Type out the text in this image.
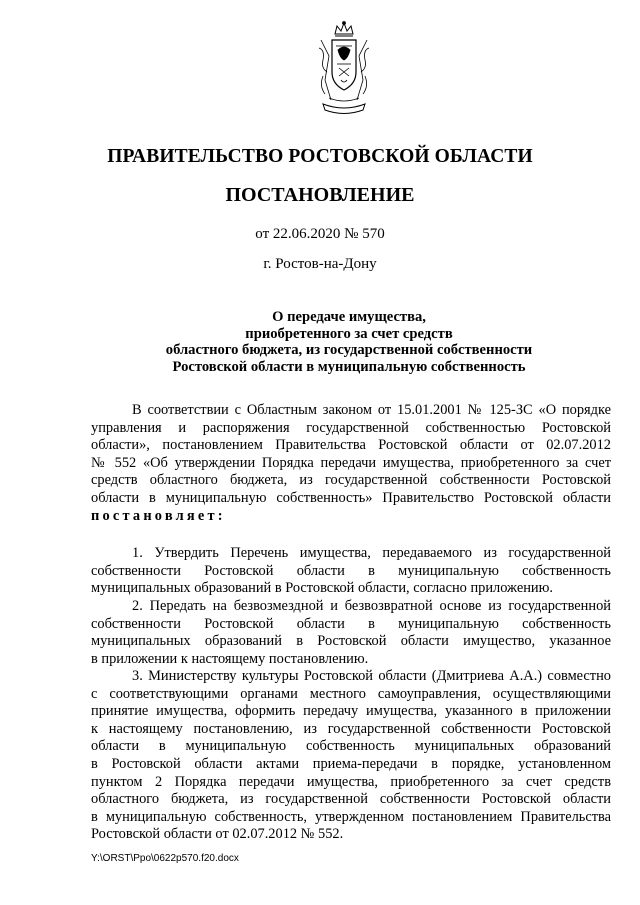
ПРАВИТЕЛЬСТВО РОСТОВСКОЙ ОБЛАСТИ
ПОСТАНОВЛЕНИЕ
от 22.06.2020 № 570
г. Ростов-на-Дону
О передаче имущества,
приобретенного за счет средств
областного бюджета, из государственной собственности
Ростовской области в муниципальную собственность
В соответствии с Областным законом от 15.01.2001 № 125-ЗС «О порядке
управления и распоряжения государственной собственностью Ростовской
области», постановлением Правительства Ростовской области от 02.07.2012
№ 552 «Об утверждении Порядка передачи имущества, приобретенного за счет
средств областного бюджета, из государственной собственности Ростовской
области в муниципальную собственность» Правительство Ростовской области
постановляет:
1. Утвердить Перечень имущества, передаваемого из государственной
собственности Ростовской области в муниципальную собственность
муниципальных образований в Ростовской области, согласно приложению.
2. Передать на безвозмездной и безвозвратной основе из государственной
собственности Ростовской области в муниципальную собственность
муниципальных образований в Ростовской области имущество, указанное
в приложении к настоящему постановлению.
3. Министерству культуры Ростовской области (Дмитриева А.А.) совместно
с соответствующими органами местного самоуправления, осуществляющими
принятие имущества, оформить передачу имущества, указанного в приложении
к настоящему постановлению, из государственной собственности Ростовской
области в муниципальную собственность муниципальных образований
в Ростовской области актами приема-передачи в порядке, установленном
пунктом 2 Порядка передачи имущества, приобретенного за счет средств
областного бюджета, из государственной собственности Ростовской области
в муниципальную собственность, утвержденном постановлением Правительства
Ростовской области от 02.07.2012 № 552.
Y:\ORST\Ppo\0622p570.f20.docx
